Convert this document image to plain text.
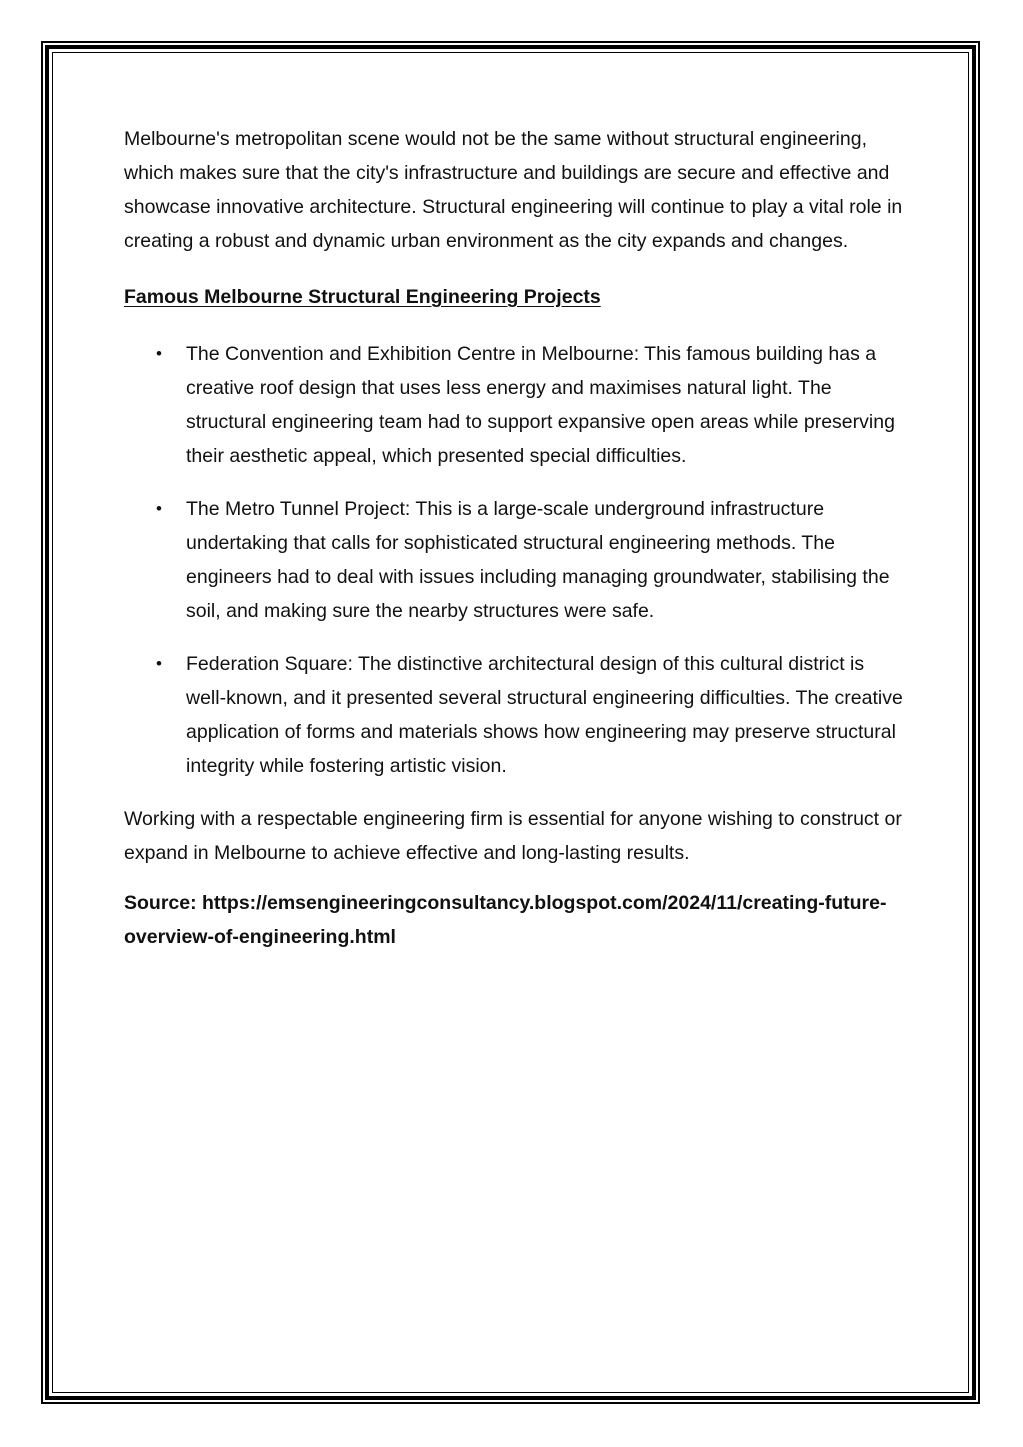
Melbourne's metropolitan scene would not be the same without structural engineering, which makes sure that the city's infrastructure and buildings are secure and effective and showcase innovative architecture. Structural engineering will continue to play a vital role in creating a robust and dynamic urban environment as the city expands and changes.

Famous Melbourne Structural Engineering Projects

• The Convention and Exhibition Centre in Melbourne: This famous building has a creative roof design that uses less energy and maximises natural light. The structural engineering team had to support expansive open areas while preserving their aesthetic appeal, which presented special difficulties.
• The Metro Tunnel Project: This is a large-scale underground infrastructure undertaking that calls for sophisticated structural engineering methods. The engineers had to deal with issues including managing groundwater, stabilising the soil, and making sure the nearby structures were safe.
• Federation Square: The distinctive architectural design of this cultural district is well-known, and it presented several structural engineering difficulties. The creative application of forms and materials shows how engineering may preserve structural integrity while fostering artistic vision.

Working with a respectable engineering firm is essential for anyone wishing to construct or expand in Melbourne to achieve effective and long-lasting results.

Source: https://emsengineeringconsultancy.blogspot.com/2024/11/creating-future-overview-of-engineering.html
